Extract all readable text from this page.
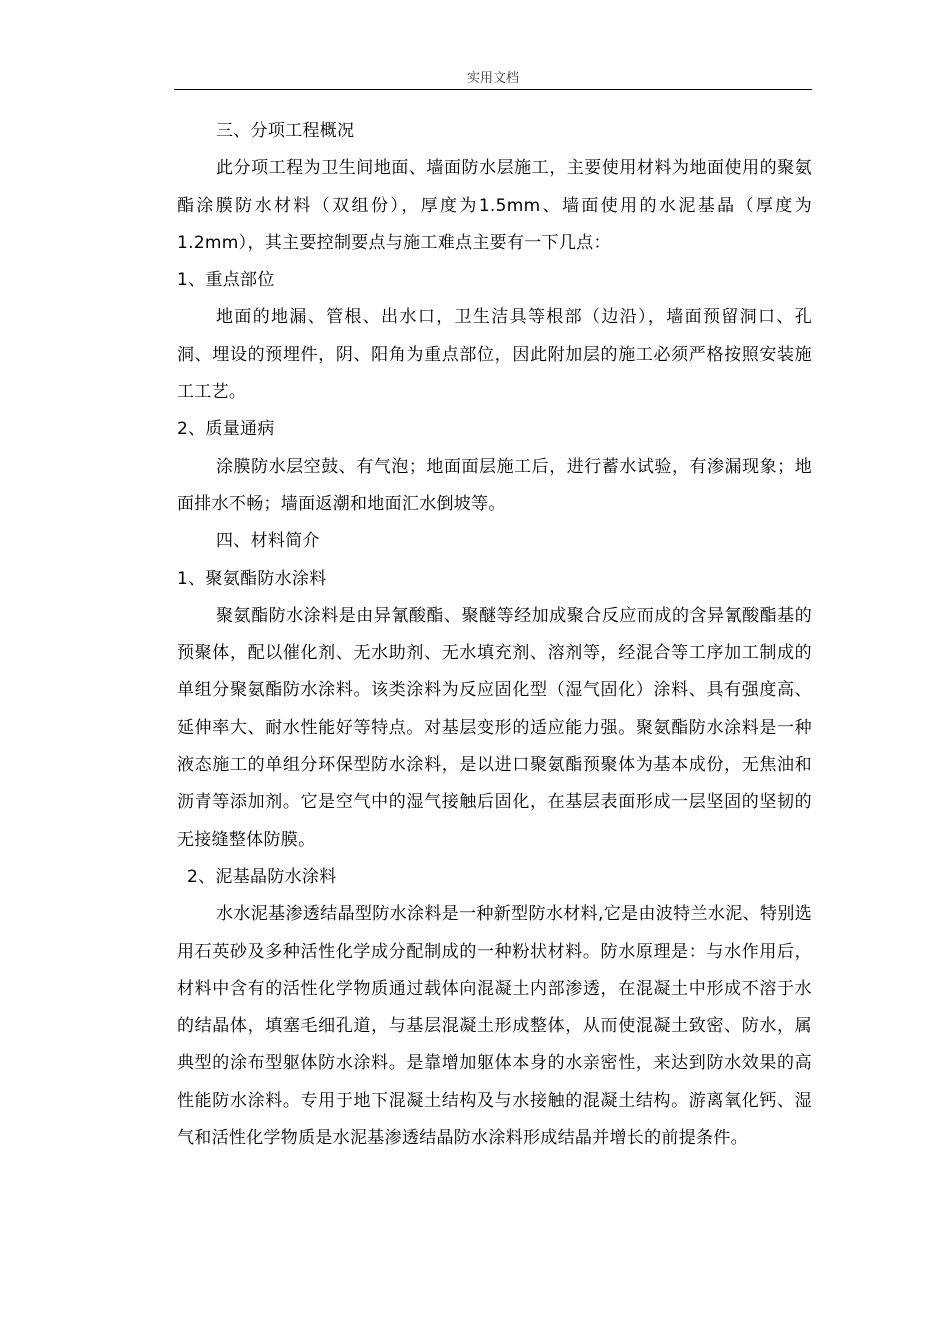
实用文档

三、分项工程概况

此分项工程为卫生间地面、墙面防水层施工，主要使用材料为地面使用的聚氨酯涂膜防水材料（双组份），厚度为1.5mm、墙面使用的水泥基晶（厚度为1.2mm），其主要控制要点与施工难点主要有一下几点：

1、重点部位

地面的地漏、管根、出水口，卫生洁具等根部（边沿），墙面预留洞口、孔洞、埋设的预埋件，阴、阳角为重点部位，因此附加层的施工必须严格按照安装施工工艺。

2、质量通病

涂膜防水层空鼓、有气泡；地面面层施工后，进行蓄水试验，有渗漏现象；地面排水不畅；墙面返潮和地面汇水倒坡等。

四、材料简介

1、聚氨酯防水涂料

聚氨酯防水涂料是由异氰酸酯、聚醚等经加成聚合反应而成的含异氰酸酯基的预聚体，配以催化剂、无水助剂、无水填充剂、溶剂等，经混合等工序加工制成的单组分聚氨酯防水涂料。该类涂料为反应固化型（湿气固化）涂料、具有强度高、延伸率大、耐水性能好等特点。对基层变形的适应能力强。聚氨酯防水涂料是一种液态施工的单组分环保型防水涂料，是以进口聚氨酯预聚体为基本成份，无焦油和沥青等添加剂。它是空气中的湿气接触后固化，在基层表面形成一层坚固的坚韧的无接缝整体防膜。

2、泥基晶防水涂料

水水泥基渗透结晶型防水涂料是一种新型防水材料,它是由波特兰水泥、特别选用石英砂及多种活性化学成分配制成的一种粉状材料。防水原理是：与水作用后，材料中含有的活性化学物质通过载体向混凝土内部渗透，在混凝土中形成不溶于水的结晶体，填塞毛细孔道，与基层混凝土形成整体，从而使混凝土致密、防水，属典型的涂布型躯体防水涂料。是靠增加躯体本身的水亲密性，来达到防水效果的高性能防水涂料。专用于地下混凝土结构及与水接触的混凝土结构。游离氧化钙、湿气和活性化学物质是水泥基渗透结晶防水涂料形成结晶并增长的前提条件。
